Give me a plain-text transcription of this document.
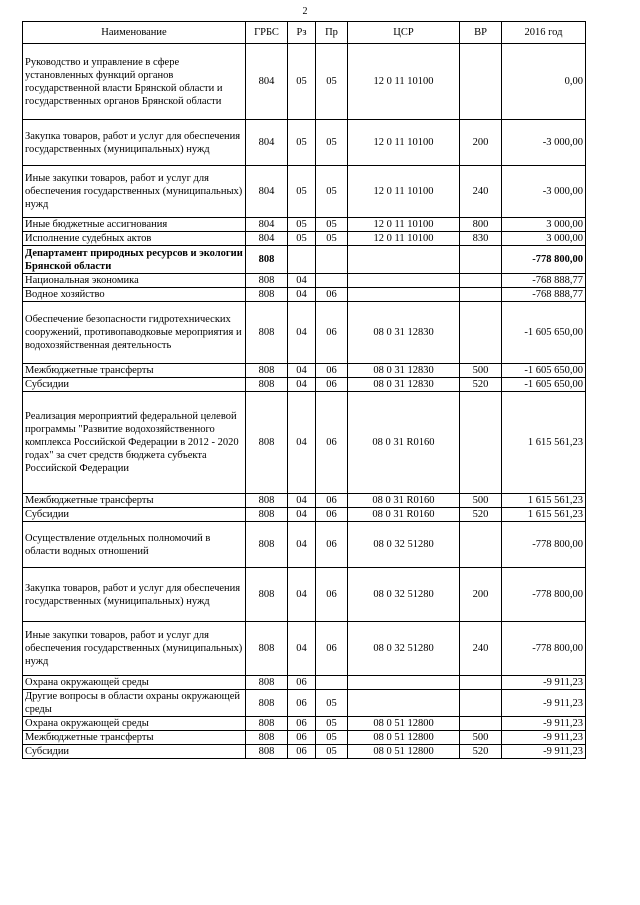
2
Наименование	ГРБС	Рз	Пр	ЦСР	ВР	2016 год
Руководство и управление в сфере установленных функций органов государственной власти Брянской области и государственных органов Брянской области	804	05	05	12 0 11 10100		0,00
Закупка товаров, работ и услуг для обеспечения государственных (муниципальных) нужд	804	05	05	12 0 11 10100	200	-3 000,00
Иные закупки товаров, работ и услуг для обеспечения государственных (муниципальных) нужд	804	05	05	12 0 11 10100	240	-3 000,00
Иные бюджетные ассигнования	804	05	05	12 0 11 10100	800	3 000,00
Исполнение судебных актов	804	05	05	12 0 11 10100	830	3 000,00
Департамент природных ресурсов и экологии Брянской области	808					-778 800,00
Национальная экономика	808	04				-768 888,77
Водное хозяйство	808	04	06			-768 888,77
Обеспечение безопасности гидротехнических сооружений, противопаводковые мероприятия и водохозяйственная деятельность	808	04	06	08 0 31 12830		-1 605 650,00
Межбюджетные трансферты	808	04	06	08 0 31 12830	500	-1 605 650,00
Субсидии	808	04	06	08 0 31 12830	520	-1 605 650,00
Реализация мероприятий федеральной целевой программы "Развитие водохозяйственного комплекса Российской Федерации в 2012 - 2020 годах" за счет средств бюджета субъекта Российской Федерации	808	04	06	08 0 31 R0160		1 615 561,23
Межбюджетные трансферты	808	04	06	08 0 31 R0160	500	1 615 561,23
Субсидии	808	04	06	08 0 31 R0160	520	1 615 561,23
Осуществление отдельных полномочий в области водных отношений	808	04	06	08 0 32 51280		-778 800,00
Закупка товаров, работ и услуг для обеспечения государственных (муниципальных) нужд	808	04	06	08 0 32 51280	200	-778 800,00
Иные закупки товаров, работ и услуг для обеспечения государственных (муниципальных) нужд	808	04	06	08 0 32 51280	240	-778 800,00
Охрана окружающей среды	808	06				-9 911,23
Другие вопросы в области охраны окружающей среды	808	06	05			-9 911,23
Охрана окружающей среды	808	06	05	08 0 51 12800		-9 911,23
Межбюджетные трансферты	808	06	05	08 0 51 12800	500	-9 911,23
Субсидии	808	06	05	08 0 51 12800	520	-9 911,23
